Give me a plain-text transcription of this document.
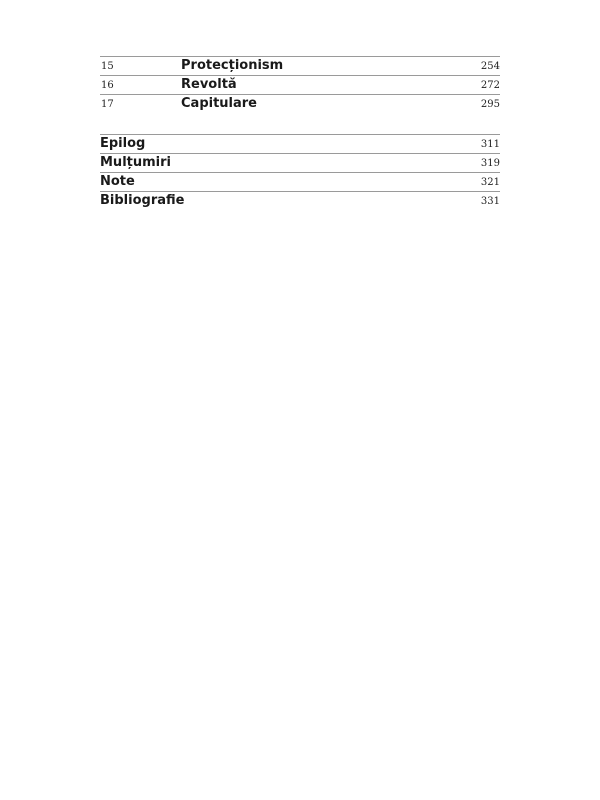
15	Protecționism	254
16	Revoltă	272
17	Capitulare	295
Epilog	311
Mulțumiri	319
Note	321
Bibliografie	331
